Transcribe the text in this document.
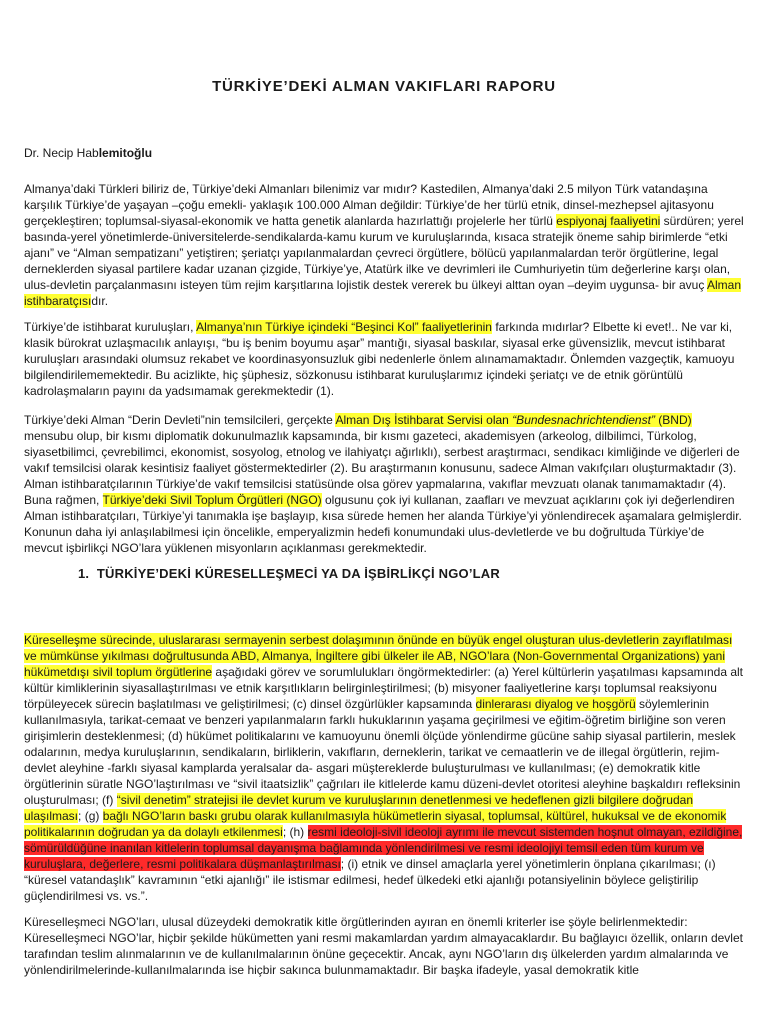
TÜRKİYE’DEKİ ALMAN VAKIFLARI RAPORU
Dr. Necip Hablemitoğlu
Almanya’daki Türkleri biliriz de, Türkiye’deki Almanları bilenimiz var mıdır? Kastedilen, Almanya’daki 2.5 milyon Türk vatandaşına karşılık Türkiye’de yaşayan –çoğu emekli- yaklaşık 100.000 Alman değildir: Türkiye’de her türlü etnik, dinsel-mezhepsel ajitasyonu gerçekleştiren; toplumsal-siyasal-ekonomik ve hatta genetik alanlarda hazırlattığı projelerle her türlü espiyonaj faaliyetini sürdüren; yerel basında-yerel yönetimlerde-üniversitelerde-sendikalarda-kamu kurum ve kuruluşlarında, kısaca stratejik öneme sahip birimlerde “etki ajanı” ve “Alman sempatizanı” yetiştiren; şeriatçı yapılanmalardan çevreci örgütlere, bölücü yapılanmalardan terör örgütlerine, legal derneklerden siyasal partilere kadar uzanan çizgide, Türkiye’ye, Atatürk ilke ve devrimleri ile Cumhuriyetin tüm değerlerine karşı olan, ulus-devletin parçalanmasını isteyen tüm rejim karşıtlarına lojistik destek vererek bu ülkeyi alttan oyan –deyim uygunsa- bir avuç Alman istihbaratçısıdır.
Türkiye’de istihbarat kuruluşları, Almanya’nın Türkiye içindeki “Beşinci Kol” faaliyetlerinin farkında mıdırlar? Elbette ki evet!.. Ne var ki, klasik bürokrat uzlaşmacılık anlayışı, “bu iş benim boyumu aşar” mantığı, siyasal baskılar, siyasal erke güvensizlik, mevcut istihbarat kuruluşları arasındaki olumsuz rekabet ve koordinasyonsuzluk gibi nedenlerle önlem alınamamaktadır. Önlemden vazgeçtik, kamuoyu bilgilendirilememektedir. Bu acizlikte, hiç şüphesiz, sözkonusu istihbarat kuruluşlarımız içindeki şeriatçı ve de etnik görüntülü kadrolaşmaların payını da yadsımamak gerekmektedir (1).
Türkiye’deki Alman “Derin Devleti”nin temsilcileri, gerçekte Alman Dış İstihbarat Servisi olan “Bundesnachrichtendienst” (BND) mensubu olup, bir kısmı diplomatik dokunulmazlık kapsamında, bir kısmı gazeteci, akademisyen (arkeolog, dilbilimci, Türkolog, siyasetbilimci, çevrebilimci, ekonomist, sosyolog, etnolog ve ilahiyatçı ağırlıklı), serbest araştırmacı, sendikacı kimliğinde ve diğerleri de vakıf temsilcisi olarak kesintisiz faaliyet göstermektedirler (2). Bu araştırmanın konusunu, sadece Alman vakıfçıları oluşturmaktadır (3). Alman istihbaratçılarının Türkiye’de vakıf temsilcisi statüsünde olsa görev yapmalarına, vakıflar mevzuatı olanak tanımamaktadır (4). Buna rağmen, Türkiye’deki Sivil Toplum Örgütleri (NGO) olgusunu çok iyi kullanan, zaafları ve mevzuat açıklarını çok iyi değerlendiren Alman istihbaratçıları, Türkiye’yi tanımakla işe başlayıp, kısa sürede hemen her alanda Türkiye’yi yönlendirecek aşamalara gelmişlerdir. Konunun daha iyi anlaşılabilmesi için öncelikle, emperyalizmin hedefi konumundaki ulus-devletlerde ve bu doğrultuda Türkiye’de mevcut işbirlikçi NGO’lara yüklenen misyonların açıklanması gerekmektedir.
1. TÜRKİYE’DEKİ KÜRESELLEŞMECİ YA DA İŞBİRLİKÇİ NGO’LAR
Küreselleşme sürecinde, uluslararası sermayenin serbest dolaşımının önünde en büyük engel oluşturan ulus-devletlerin zayıflatılması ve mümkünse yıkılması doğrultusunda ABD, Almanya, İngiltere gibi ülkeler ile AB, NGO’lara (Non-Governmental Organizations) yani hükümetdışı sivil toplum örgütlerine aşağıdaki görev ve sorumlulukları öngörmektedirler: (a) Yerel kültürlerin yaşatılması kapsamında alt kültür kimliklerinin siyasallaştırılması ve etnik karşıtlıkların belirginleştirilmesi; (b) misyoner faaliyetlerine karşı toplumsal reaksiyonu törpüleyecek sürecin başlatılması ve geliştirilmesi; (c) dinsel özgürlükler kapsamında dinlerarası diyalog ve hoşgörü söylemlerinin kullanılmasıyla, tarikat-cemaat ve benzeri yapılanmaların farklı hukuklarının yaşama geçirilmesi ve eğitim-öğretim birliğine son veren girişimlerin desteklenmesi; (d) hükümet politikalarını ve kamuoyunu önemli ölçüde yönlendirme gücüne sahip siyasal partilerin, meslek odalarının, medya kuruluşlarının, sendikaların, birliklerin, vakıfların, derneklerin, tarikat ve cemaatlerin ve de illegal örgütlerin, rejim-devlet aleyhine -farklı siyasal kamplarda yeralsalar da- asgari müştereklerde buluşturulması ve kullanılması; (e) demokratik kitle örgütlerinin süratle NGO’laştırılması ve “sivil itaatsizlik” çağrıları ile kitlelerde kamu düzeni-devlet otoritesi aleyhine başkaldırı refleksinin oluşturulması; (f) “sivil denetim” stratejisi ile devlet kurum ve kuruluşlarının denetlenmesi ve hedeflenen gizli bilgilere doğrudan ulaşılması; (g) bağlı NGO’ların baskı grubu olarak kullanılmasıyla hükümetlerin siyasal, toplumsal, kültürel, hukuksal ve de ekonomik politikalarının doğrudan ya da dolaylı etkilenmesi; (h) resmi ideoloji-sivil ideoloji ayrımı ile mevcut sistemden hoşnut olmayan, ezildiğine, sömürüldüğüne inanılan kitlelerin toplumsal dayanışma bağlamında yönlendirilmesi ve resmi ideolojiyi temsil eden tüm kurum ve kuruluşlara, değerlere, resmi politikalara düşmanlaştırılması; (i) etnik ve dinsel amaçlarla yerel yönetimlerin önplana çıkarılması; (ı) “küresel vatandaşlık” kavramının “etki ajanlığı” ile istismar edilmesi, hedef ülkedeki etki ajanlığı potansiyelinin böylece geliştirilip güçlendirilmesi vs. vs.”.
Küreselleşmeci NGO’ları, ulusal düzeydeki demokratik kitle örgütlerinden ayıran en önemli kriterler ise şöyle belirlenmektedir: Küreselleşmeci NGO’lar, hiçbir şekilde hükümetten yani resmi makamlardan yardım almayacaklardır. Bu bağlayıcı özellik, onların devlet tarafından teslim alınmalarının ve de kullanılmalarının önüne geçecektir. Ancak, aynı NGO’ların dış ülkelerden yardım almalarında ve yönlendirilmelerinde-kullanılmalarında ise hiçbir sakınca bulunmamaktadır. Bir başka ifadeyle, yasal demokratik kitle
